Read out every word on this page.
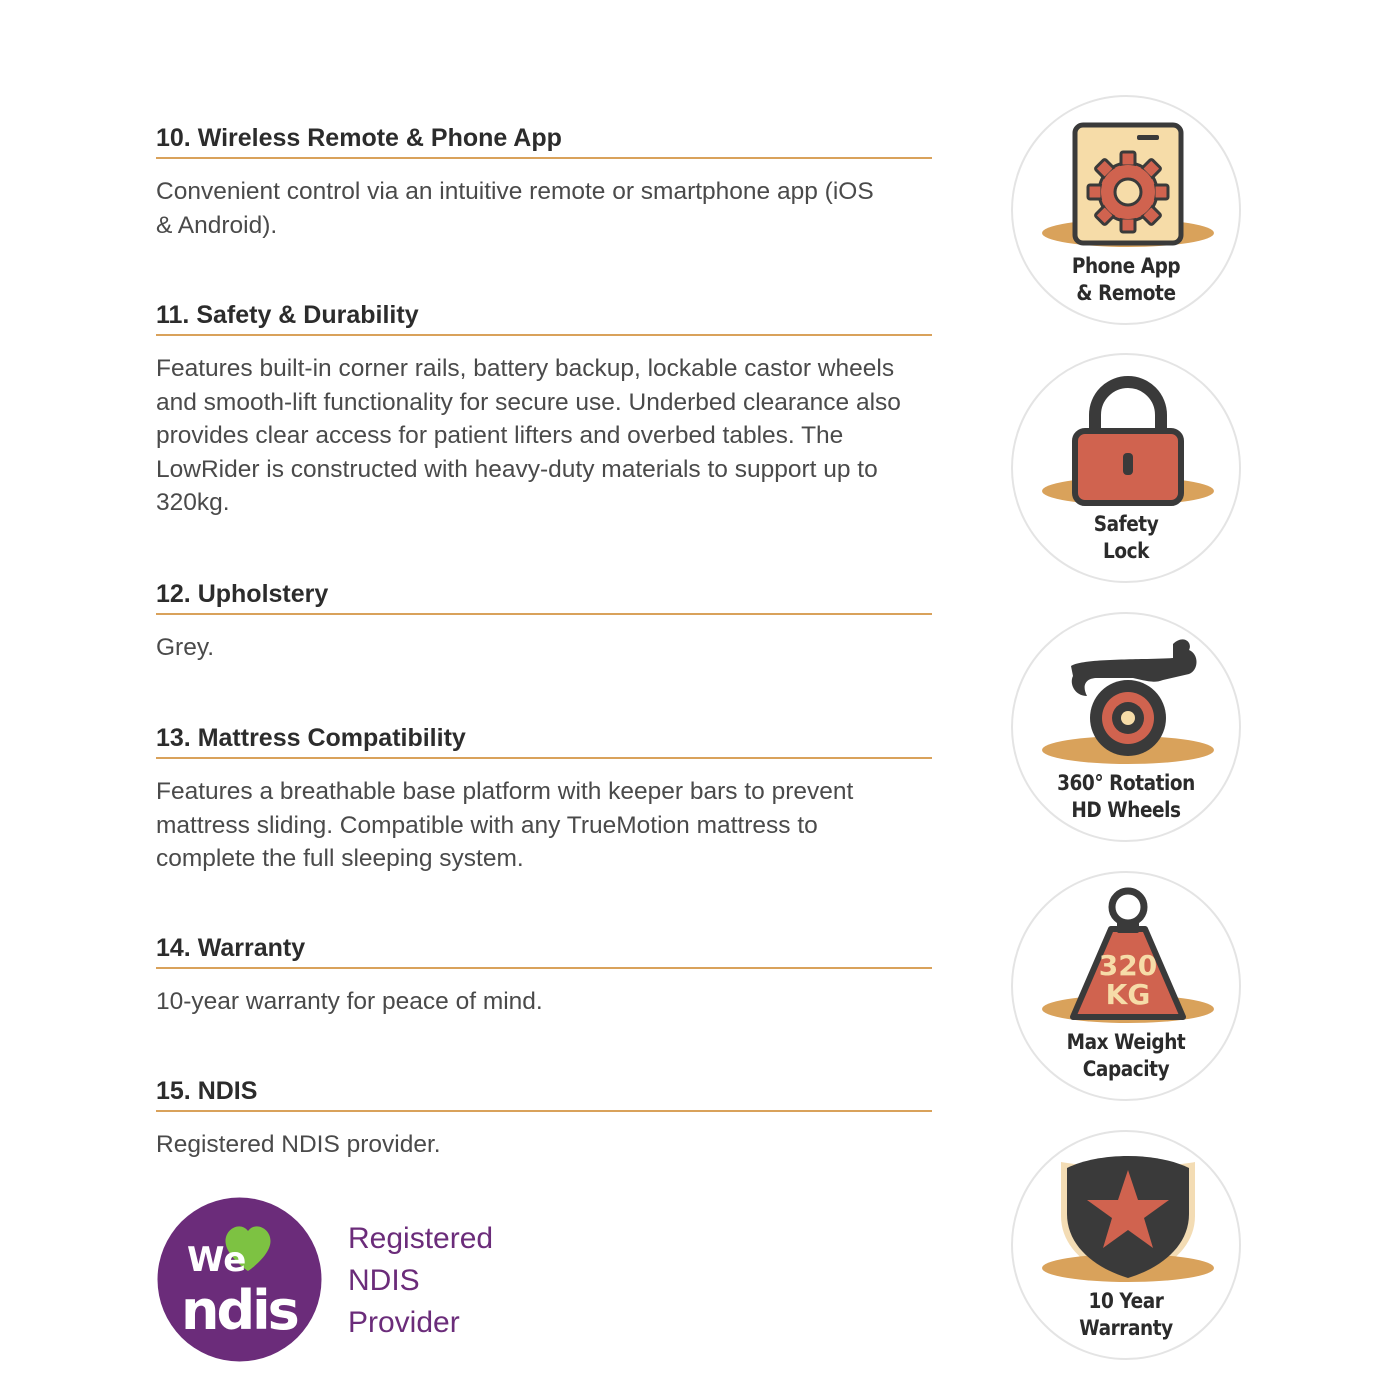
10. Wireless Remote & Phone App

Convenient control via an intuitive remote or smartphone app (iOS & Android).

11. Safety & Durability

Features built-in corner rails, battery backup, lockable castor wheels and smooth-lift functionality for secure use. Underbed clearance also provides clear access for patient lifters and overbed tables. The LowRider is constructed with heavy-duty materials to support up to 320kg.

12. Upholstery

Grey.

13. Mattress Compatibility

Features a breathable base platform with keeper bars to prevent mattress sliding. Compatible with any TrueMotion mattress to complete the full sleeping system.

14. Warranty

10-year warranty for peace of mind.

15. NDIS

Registered NDIS provider.

We
ndis
Registered
NDIS
Provider
Phone App
& Remote
Safety
Lock
360° Rotation
HD Wheels
320
KG
Max Weight
Capacity
10 Year
Warranty
